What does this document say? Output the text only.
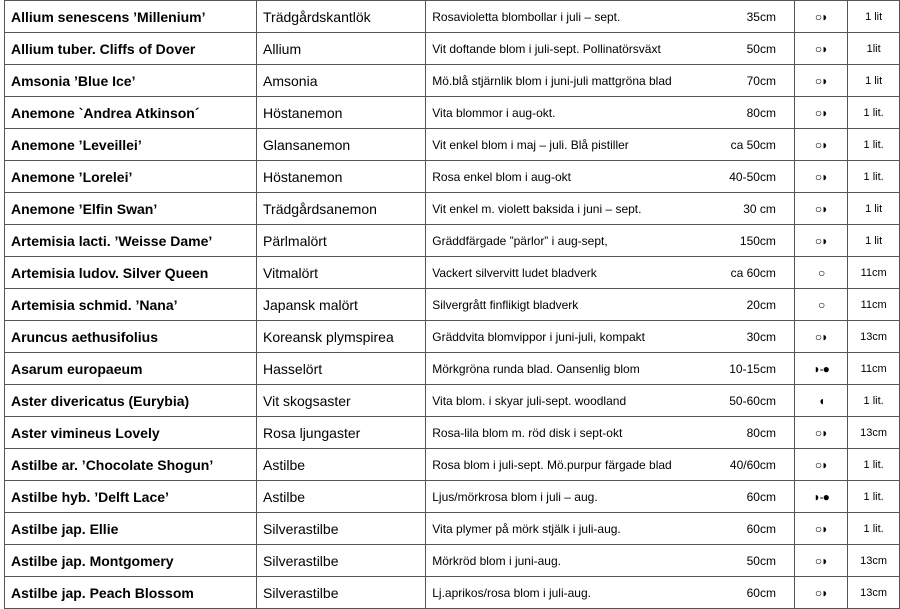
Allium senescens ’Millenium’	Trädgårdskantlök	Rosavioletta blombollar i juli – sept. 35cm	○◗	1 lit
Allium tuber. Cliffs of Dover	Allium	Vit doftande blom i juli-sept. Pollinatörsväxt 50cm	○◗	1lit
Amsonia ’Blue Ice’	Amsonia	Mö.blå stjärnlik blom i juni-juli mattgröna blad 70cm	○◗	1 lit
Anemone `Andrea Atkinson´	Höstanemon	Vita blommor i aug-okt. 80cm	○◗	1 lit.
Anemone ’Leveillei’	Glansanemon	Vit enkel blom i maj – juli. Blå pistiller ca 50cm	○◗	1 lit.
Anemone ’Lorelei’	Höstanemon	Rosa enkel blom i aug-okt 40-50cm	○◗	1 lit.
Anemone ’Elfin Swan’	Trädgårdsanemon	Vit enkel m. violett baksida i juni – sept. 30 cm	○◗	1 lit
Artemisia lacti. ’Weisse Dame’	Pärlmalört	Gräddfärgade ”pärlor” i aug-sept, 150cm	○◗	1 lit
Artemisia ludov. Silver Queen	Vitmalört	Vackert silvervitt ludet bladverk ca 60cm	○	11cm
Artemisia schmid. ’Nana’	Japansk malört	Silvergrått finflikigt bladverk 20cm	○	11cm
Aruncus aethusifolius	Koreansk plymspirea	Gräddvita blomvippor i juni-juli, kompakt 30cm	○◗	13cm
Asarum europaeum	Hasselört	Mörkgröna runda blad. Oansenlig blom 10-15cm	◗-●	11cm
Aster divericatus (Eurybia)	Vit skogsaster	Vita blom. i skyar juli-sept. woodland 50-60cm	◖	1 lit.
Aster vimineus Lovely	Rosa ljungaster	Rosa-lila blom m. röd disk i sept-okt 80cm	○◗	13cm
Astilbe ar. ’Chocolate Shogun’	Astilbe	Rosa blom i juli-sept. Mö.purpur färgade blad 40/60cm	○◗	1 lit.
Astilbe hyb. ’Delft Lace’	Astilbe	Ljus/mörkrosa blom i juli – aug. 60cm	◗-●	1 lit.
Astilbe jap. Ellie	Silverastilbe	Vita plymer på mörk stjälk i juli-aug. 60cm	○◗	1 lit.
Astilbe jap. Montgomery	Silverastilbe	Mörkröd blom i juni-aug. 50cm	○◗	13cm
Astilbe jap. Peach Blossom	Silverastilbe	Lj.aprikos/rosa blom i juli-aug. 60cm	○◗	13cm
